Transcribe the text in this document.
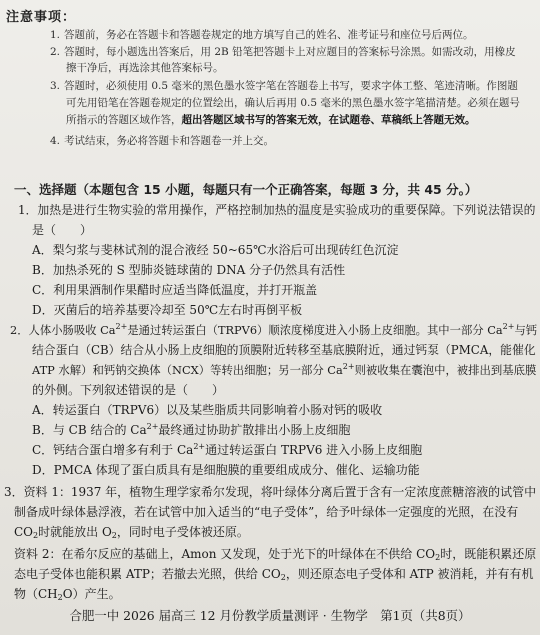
注意事项：
1. 答题前，务必在答题卡和答题卷规定的地方填写自己的姓名、准考证号和座位号后两位。
2. 答题时，每小题选出答案后，用 2B 铅笔把答题卡上对应题目的答案标号涂黑。如需改动，用橡皮
擦干净后，再选涂其他答案标号。
3. 答题时，必须使用 0.5 毫米的黑色墨水签字笔在答题卷上书写，要求字体工整、笔迹清晰。作图题
可先用铅笔在答题卷规定的位置绘出，确认后再用 0.5 毫米的黑色墨水签字笔描清楚。必须在题号
所指示的答题区域作答，超出答题区域书写的答案无效，在试题卷、草稿纸上答题无效。
4. 考试结束，务必将答题卡和答题卷一并上交。
一、选择题（本题包含 15 小题，每题只有一个正确答案，每题 3 分，共 45 分。）
1．加热是进行生物实验的常用操作，严格控制加热的温度是实验成功的重要保障。下列说法错误的
是（　　）
A．梨匀浆与斐林试剂的混合液经 50~65℃水浴后可出现砖红色沉淀
B．加热杀死的 S 型肺炎链球菌的 DNA 分子仍然具有活性
C．利用果酒制作果醋时应适当降低温度，并打开瓶盖
D．灭菌后的培养基要冷却至 50℃左右时再倒平板
2．人体小肠吸收 $Ca^{2+}$是通过转运蛋白（TRPV6）顺浓度梯度进入小肠上皮细胞。其中一部分 $Ca^{2+}$与钙
结合蛋白（CB）结合从小肠上皮细胞的顶膜附近转移至基底膜附近，通过钙泵（PMCA，能催化
ATP 水解）和钙钠交换体（NCX）等转出细胞；另一部分 $Ca^{2+}$则被收集在囊泡中，被排出到基底膜
的外侧。下列叙述错误的是（　　）
A．转运蛋白（TRPV6）以及某些脂质共同影响着小肠对钙的吸收
B．与 CB 结合的 $Ca^{2+}$最终通过协助扩散排出小肠上皮细胞
C．钙结合蛋白增多有利于 $Ca^{2+}$通过转运蛋白 TRPV6 进入小肠上皮细胞
D．PMCA 体现了蛋白质具有是细胞膜的重要组成成分、催化、运输功能
3．资料 1：1937 年，植物生理学家希尔发现，将叶绿体分离后置于含有一定浓度蔗糖溶液的试管中
制备成叶绿体悬浮液，若在试管中加入适当的“电子受体”，给予叶绿体一定强度的光照，在没有
$CO_2$时就能放出 $O_2$，同时电子受体被还原。
资料 2：在希尔反应的基础上，Amon 又发现，处于光下的叶绿体在不供给 $CO_2$时，既能积累还原
态电子受体也能积累 ATP；若撤去光照，供给 $CO_2$，则还原态电子受体和 ATP 被消耗，并有有机
物$(CH_2O)$产生。
合肥一中 2026 届高三 12 月份教学质量测评 · 生物学　第1页（共8页）
